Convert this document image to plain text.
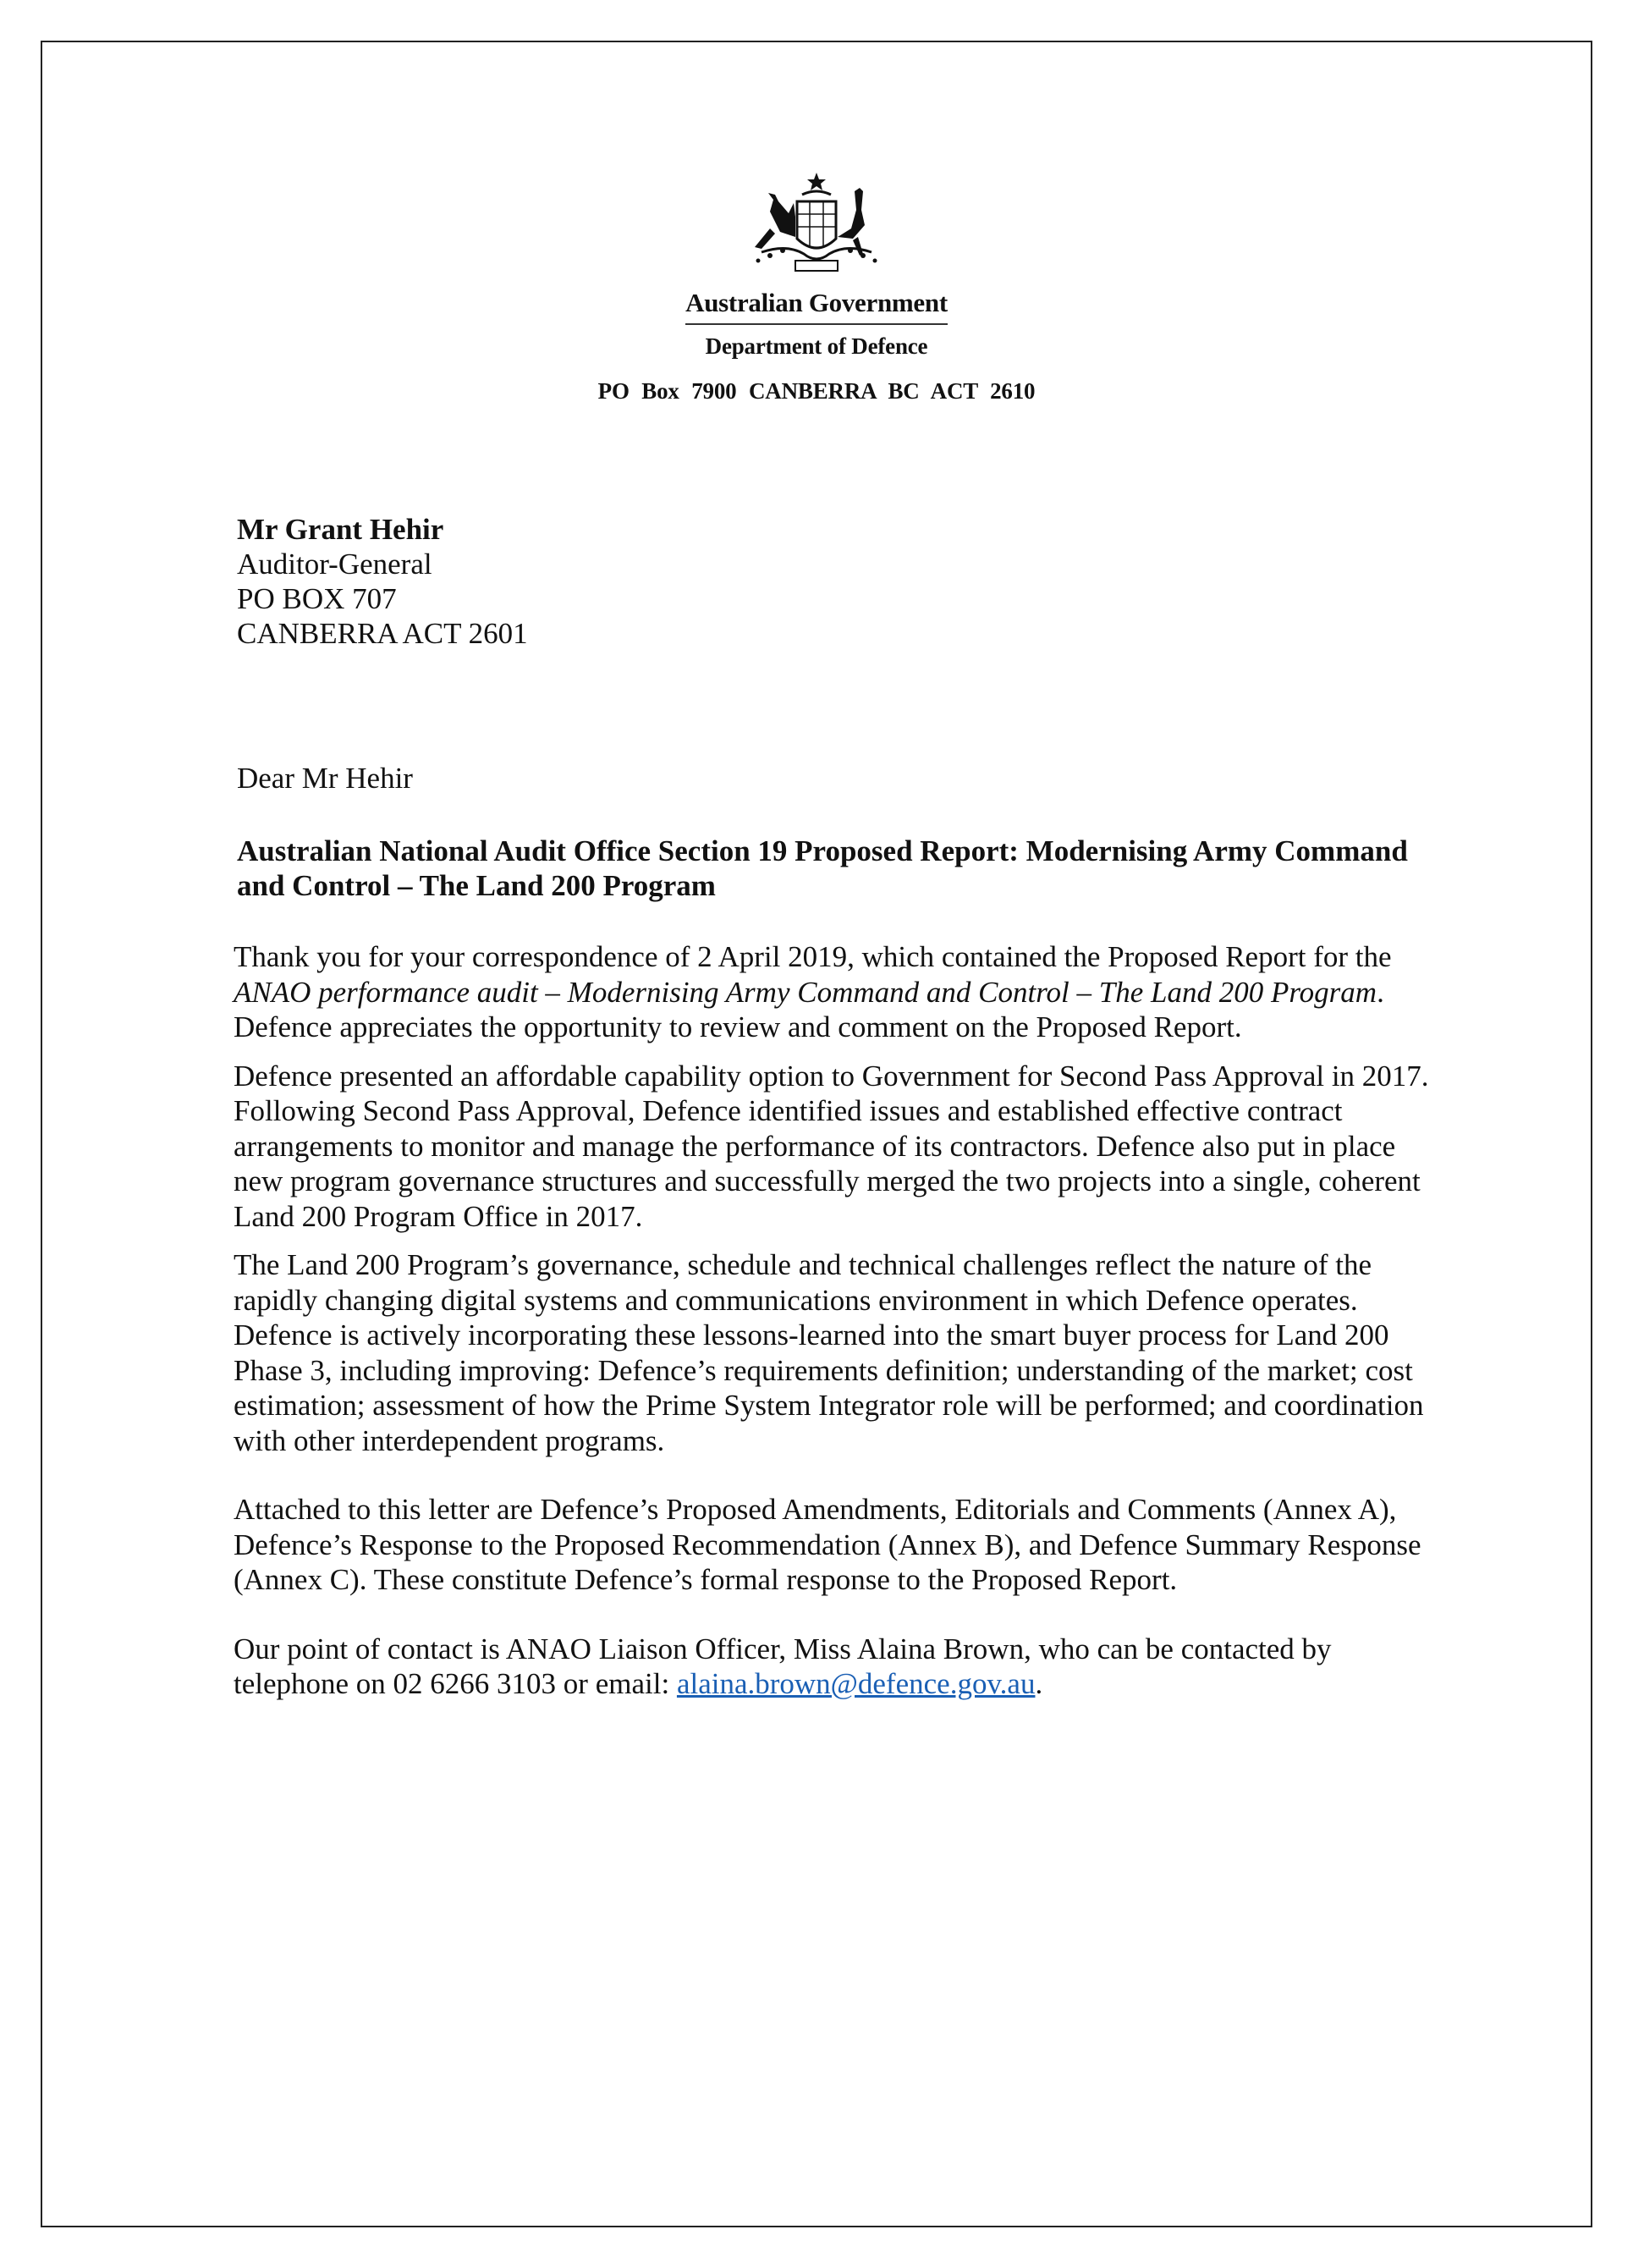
Australian Government
Department of Defence
PO Box 7900 CANBERRA BC ACT 2610
Mr Grant Hehir
Auditor-General
PO BOX 707
CANBERRA ACT 2601
Dear Mr Hehir
Australian National Audit Office Section 19 Proposed Report: Modernising Army Command and Control – The Land 200 Program

Thank you for your correspondence of 2 April 2019, which contained the Proposed Report for the ANAO performance audit – Modernising Army Command and Control – The Land 200 Program. Defence appreciates the opportunity to review and comment on the Proposed Report.

Defence presented an affordable capability option to Government for Second Pass Approval in 2017. Following Second Pass Approval, Defence identified issues and established effective contract arrangements to monitor and manage the performance of its contractors. Defence also put in place new program governance structures and successfully merged the two projects into a single, coherent Land 200 Program Office in 2017.

The Land 200 Program’s governance, schedule and technical challenges reflect the nature of the rapidly changing digital systems and communications environment in which Defence operates. Defence is actively incorporating these lessons-learned into the smart buyer process for Land 200 Phase 3, including improving: Defence’s requirements definition; understanding of the market; cost estimation; assessment of how the Prime System Integrator role will be performed; and coordination with other interdependent programs.

Attached to this letter are Defence’s Proposed Amendments, Editorials and Comments (Annex A), Defence’s Response to the Proposed Recommendation (Annex B), and Defence Summary Response (Annex C). These constitute Defence’s formal response to the Proposed Report.

Our point of contact is ANAO Liaison Officer, Miss Alaina Brown, who can be contacted by telephone on 02 6266 3103 or email: alaina.brown@defence.gov.au.
